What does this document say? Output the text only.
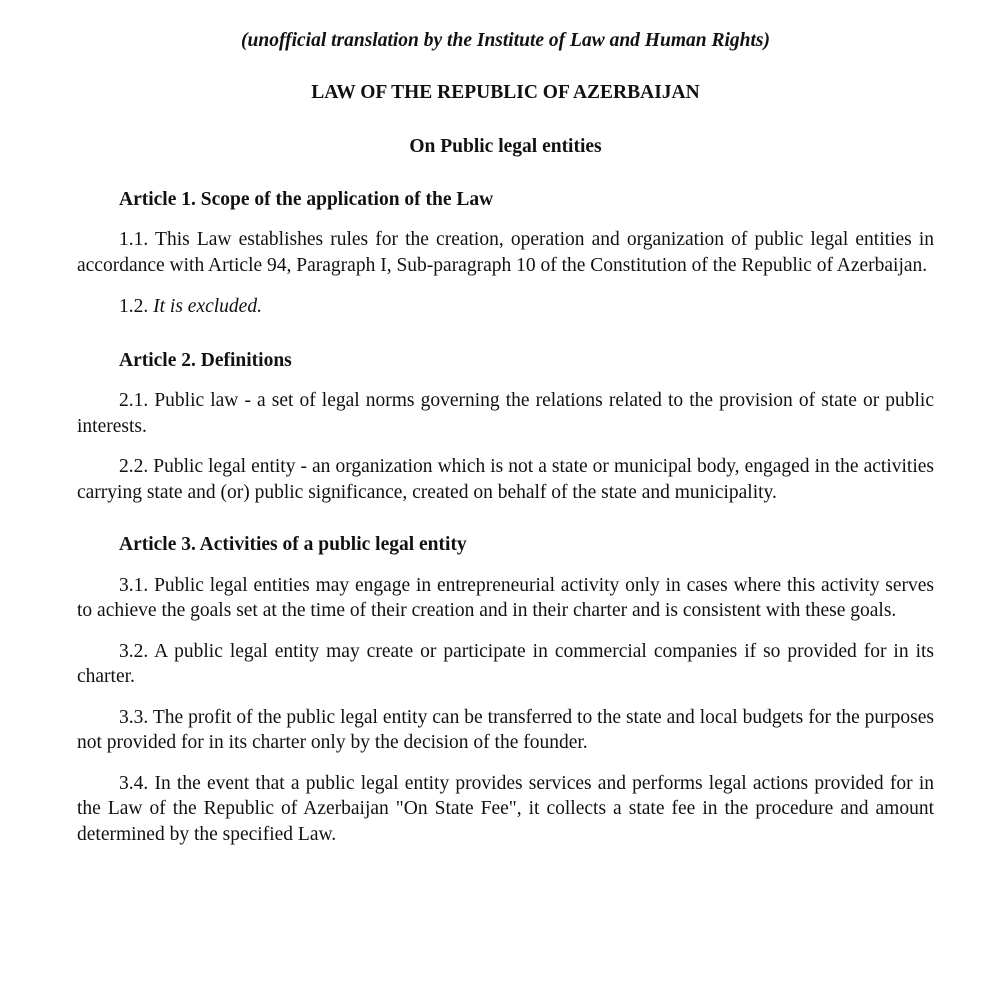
(unofficial translation by the Institute of Law and Human Rights)

LAW OF THE REPUBLIC OF AZERBAIJAN

On Public legal entities

Article 1. Scope of the application of the Law

1.1. This Law establishes rules for the creation, operation and organization of public legal entities in accordance with Article 94, Paragraph I, Sub-paragraph 10 of the Constitution of the Republic of Azerbaijan.

1.2. It is excluded.

Article 2. Definitions

2.1. Public law - a set of legal norms governing the relations related to the provision of state or public interests.

2.2. Public legal entity - an organization which is not a state or municipal body, engaged in the activities carrying state and (or) public significance, created on behalf of the state and municipality.

Article 3. Activities of a public legal entity

3.1. Public legal entities may engage in entrepreneurial activity only in cases where this activity serves to achieve the goals set at the time of their creation and in their charter and is consistent with these goals.

3.2. A public legal entity may create or participate in commercial companies if so provided for in its charter.

3.3. The profit of the public legal entity can be transferred to the state and local budgets for the purposes not provided for in its charter only by the decision of the founder.

3.4. In the event that a public legal entity provides services and performs legal actions provided for in the Law of the Republic of Azerbaijan "On State Fee", it collects a state fee in the procedure and amount determined by the specified Law.
